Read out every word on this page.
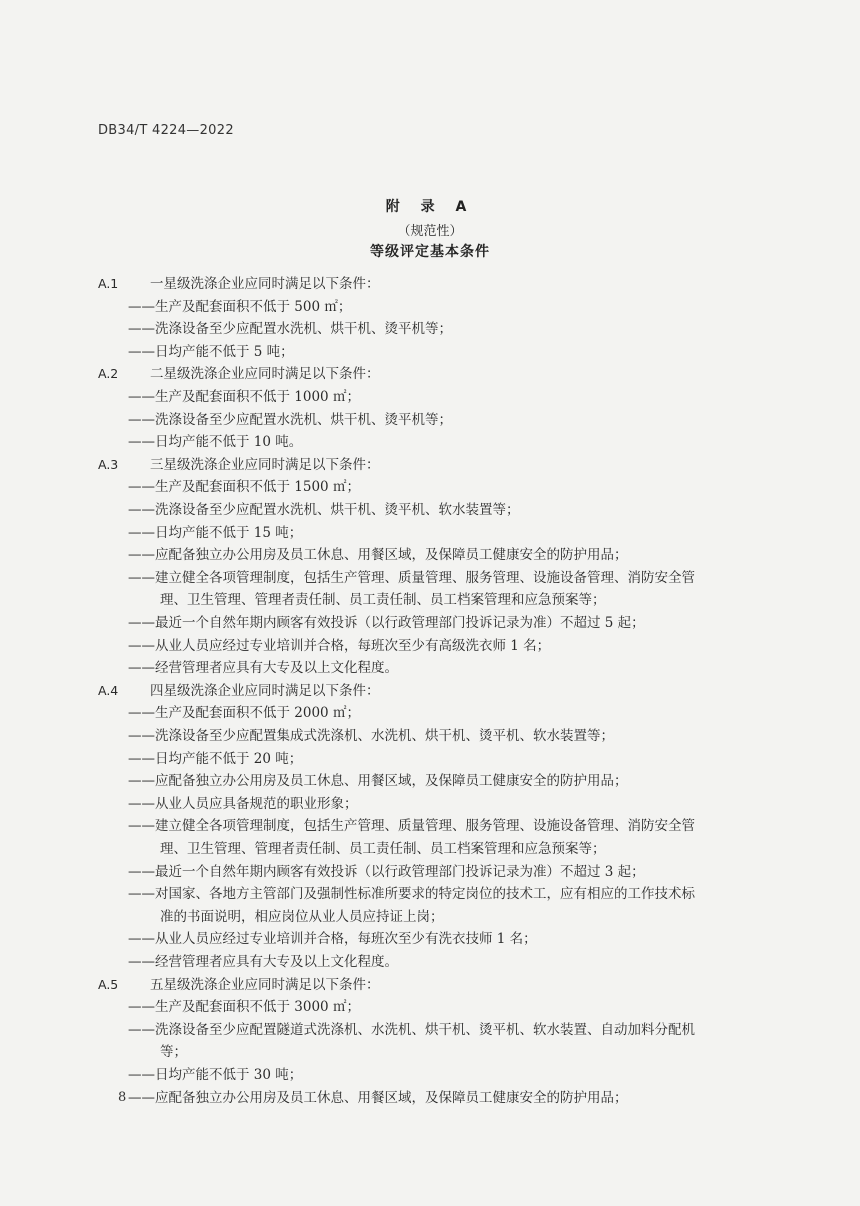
DB34/T 4224—2022
附 录 A
（规范性）
等级评定基本条件
A.1 一星级洗涤企业应同时满足以下条件：
——生产及配套面积不低于 500 ㎡；
——洗涤设备至少应配置水洗机、烘干机、烫平机等；
——日均产能不低于 5 吨；
A.2 二星级洗涤企业应同时满足以下条件：
——生产及配套面积不低于 1000 ㎡；
——洗涤设备至少应配置水洗机、烘干机、烫平机等；
——日均产能不低于 10 吨。
A.3 三星级洗涤企业应同时满足以下条件：
——生产及配套面积不低于 1500 ㎡；
——洗涤设备至少应配置水洗机、烘干机、烫平机、软水装置等；
——日均产能不低于 15 吨；
——应配备独立办公用房及员工休息、用餐区域，及保障员工健康安全的防护用品；
——建立健全各项管理制度，包括生产管理、质量管理、服务管理、设施设备管理、消防安全管
理、卫生管理、管理者责任制、员工责任制、员工档案管理和应急预案等；
——最近一个自然年期内顾客有效投诉（以行政管理部门投诉记录为准）不超过 5 起；
——从业人员应经过专业培训并合格，每班次至少有高级洗衣师 1 名；
——经营管理者应具有大专及以上文化程度。
A.4 四星级洗涤企业应同时满足以下条件：
——生产及配套面积不低于 2000 ㎡；
——洗涤设备至少应配置集成式洗涤机、水洗机、烘干机、烫平机、软水装置等；
——日均产能不低于 20 吨；
——应配备独立办公用房及员工休息、用餐区域，及保障员工健康安全的防护用品；
——从业人员应具备规范的职业形象；
——建立健全各项管理制度，包括生产管理、质量管理、服务管理、设施设备管理、消防安全管
理、卫生管理、管理者责任制、员工责任制、员工档案管理和应急预案等；
——最近一个自然年期内顾客有效投诉（以行政管理部门投诉记录为准）不超过 3 起；
——对国家、各地方主管部门及强制性标准所要求的特定岗位的技术工，应有相应的工作技术标
准的书面说明，相应岗位从业人员应持证上岗；
——从业人员应经过专业培训并合格，每班次至少有洗衣技师 1 名；
——经营管理者应具有大专及以上文化程度。
A.5 五星级洗涤企业应同时满足以下条件：
——生产及配套面积不低于 3000 ㎡；
——洗涤设备至少应配置隧道式洗涤机、水洗机、烘干机、烫平机、软水装置、自动加料分配机
等；
——日均产能不低于 30 吨；
——应配备独立办公用房及员工休息、用餐区域，及保障员工健康安全的防护用品；
8
